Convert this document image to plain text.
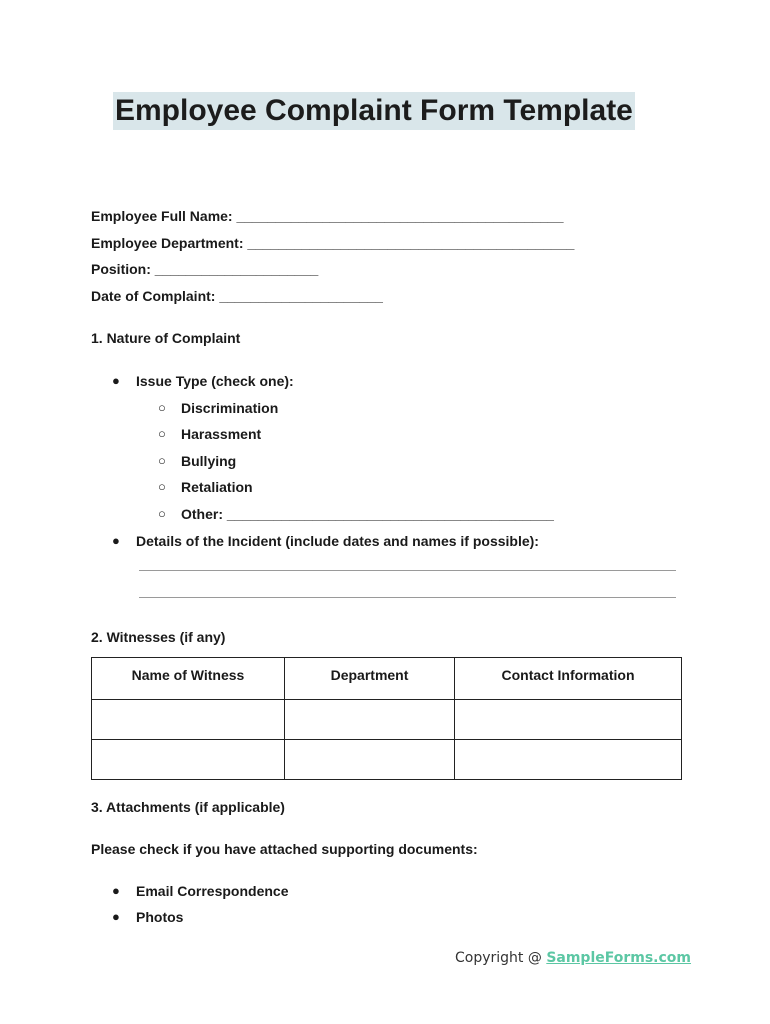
Employee Complaint Form Template
Employee Full Name: __________________________________________
Employee Department: __________________________________________
Position: _____________________
Date of Complaint: _____________________
1. Nature of Complaint
● Issue Type (check one):
○ Discrimination
○ Harassment
○ Bullying
○ Retaliation
○ Other: __________________________________________
● Details of the Incident (include dates and names if possible):
2. Witnesses (if any)
Name of Witness	Department	Contact Information

3. Attachments (if applicable)
Please check if you have attached supporting documents:
● Email Correspondence
● Photos
Copyright @ SampleForms.com
